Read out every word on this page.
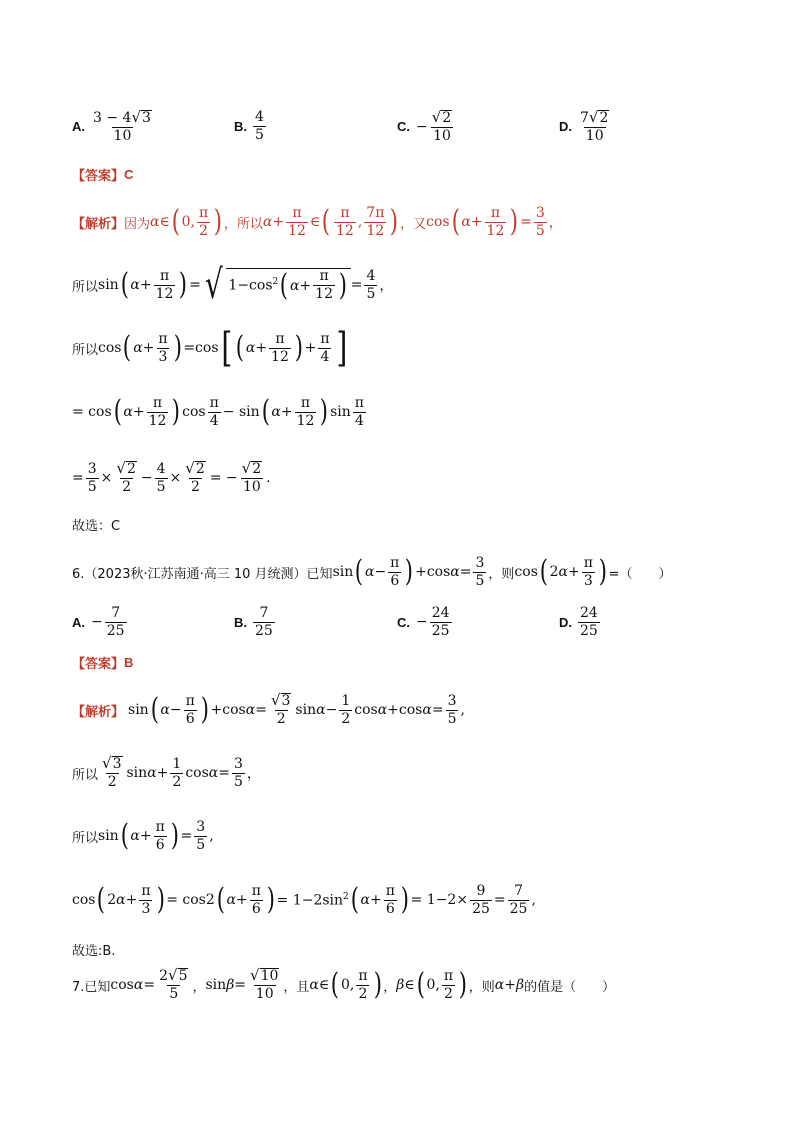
A. $\frac{3 - 4 √ 3}{10}$	B. $\frac{4}{5}$	C. − $\frac{√ 2}{10}$	D. $\frac{7 √ 2}{10}$
【答案】 C
【解析】 因为 α ∈ ( 0, $\frac{\pi}{2}$ ) ，所以 $\alpha + \frac{\pi}{12}$ ∈ ( $\frac{\pi}{12}$ , $\frac{7\pi}{12}$ ) ，又 cos ( $\alpha + \frac{\pi}{12}$ ) = $\frac{3}{5}$ ，
所以 sin ( $\alpha + \frac{\pi}{12}$ ) = √ $1-\cos^2$ ( $\alpha + \frac{\pi}{12}$ ) = $\frac{4}{5}$ ，
所以 cos ( $\alpha + \frac{\pi}{3}$ ) =cos [ ( $\alpha + \frac{\pi}{12}$ ) + $\frac{\pi}{4}$ ]
= cos ( $\alpha + \frac{\pi}{12}$ ) $\cos \frac{\pi}{4} - \sin$ ( $\alpha + \frac{\pi}{12}$ ) $\sin \frac{\pi}{4}$
= $\frac{3}{5} \times \frac{√ 2}{2} - \frac{4}{5} \times \frac{√ 2}{2}$ = − $\frac{√ 2}{10}$ .
故选：C
6.（2023秋·江苏南通·高三 10 月统测）已知 sin ( $\alpha - \frac{\pi}{6}$ ) +cos $\alpha = \frac{3}{5}$ ，则 cos ( 2 $\alpha + \frac{\pi}{3}$ ) =（　　）
A. − $\frac{7}{25}$	B. $\frac{7}{25}$	C. − $\frac{24}{25}$	D. $\frac{24}{25}$
【答案】 B
【解析】 sin ( $\alpha - \frac{\pi}{6}$ ) +cos $\alpha = \frac{√ 3}{2}$ $\sin \alpha - \frac{1}{2}$ cos α +cos $\alpha = \frac{3}{5}$ ,
所以 $\frac{√ 3}{2}$ $\sin \alpha + \frac{1}{2}$ $\cos \alpha = \frac{3}{5}$ ，
所以 sin ( $\alpha + \frac{\pi}{6}$ ) = $\frac{3}{5}$ ,
cos ( 2 $\alpha + \frac{\pi}{3}$ ) = cos2 ( $\alpha + \frac{\pi}{6}$ ) = $1-2\sin^2$ ( $\alpha + \frac{\pi}{6}$ ) = $1-2\times \frac{9}{25} = \frac{7}{25}$ ,
故选:B.
7.已知 $\cos \alpha = \frac{2 √ 5}{5}$ ， $\sin \beta = \frac{√ 10}{10}$ ，且 α ∈ ( 0, $\frac{\pi}{2}$ ) ， β ∈ ( 0, $\frac{\pi}{2}$ ) ，则 α + β 的值是（　　）
